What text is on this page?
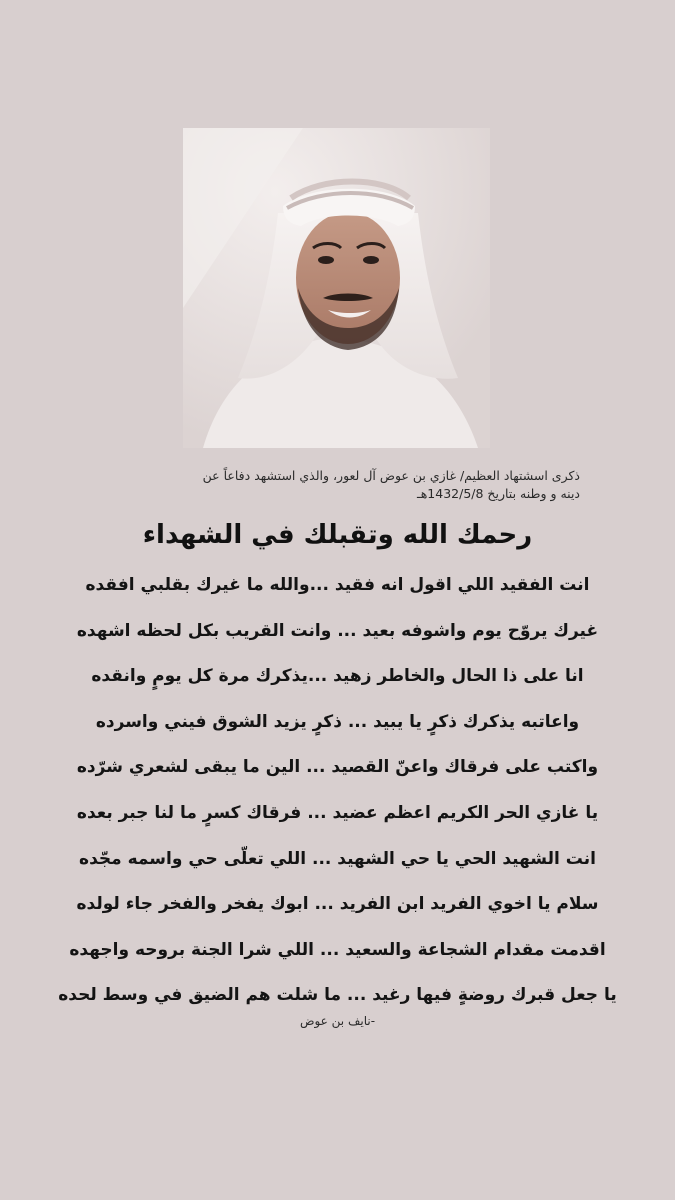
ذكرى اسشتهاد العظيم/ غازي بن عوض آل لعور، والذي استشهد دفاعاً عن
دينه و وطنه بتاريخ 1432/5/8هـ
رحمك الله وتقبلك في الشهداء
انت الفقيد اللي اقول انه فقيد ...والله ما غيرك بقلبي افقده
غيرك يروّح يوم واشوفه بعيد ... وانت القريب بكل لحظه اشهده
انا على ذا الحال والخاطر زهيد ...يذكرك مرة كل يومٍ وانقده
واعاتبه يذكرك ذكرٍ يا يبيد ... ذكرٍ يزيد الشوق فيني واسرده
واكتب على فرقاك واعنّ القصيد ... الين ما يبقى لشعري شرّده
يا غازي الحر الكريم اعظم عضيد ... فرقاك كسرٍ ما لنا جبر بعده
انت الشهيد الحي يا حي الشهيد ... اللي تعلّى حي واسمه مجّده
سلام يا اخوي الفريد ابن الفريد ... ابوك يفخر والفخر جاء لولده
اقدمت مقدام الشجاعة والسعيد ... اللي شرا الجنة بروحه واجهده
يا جعل قبرك روضةٍ فيها رغيد ... ما شلت هم الضيق في وسط لحده
-نايف بن عوض
